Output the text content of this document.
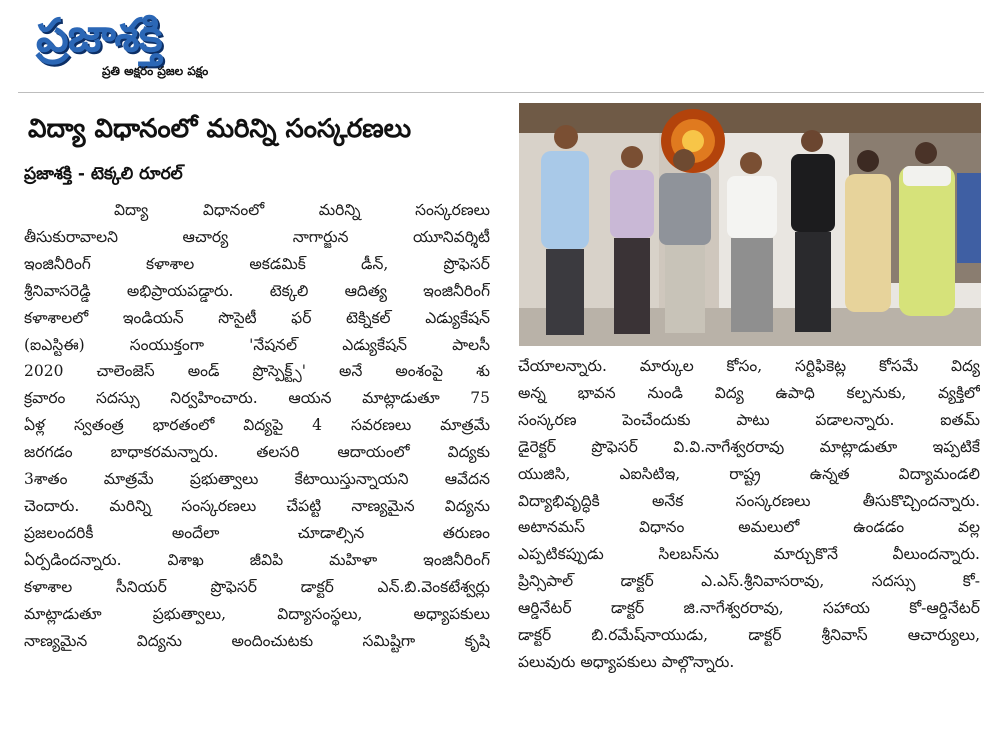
ప్రజాశక్తి
ప్రతి అక్షరం ప్రజల పక్షం
విద్యా విధానంలో మరిన్ని సంస్కరణలు
ప్రజాశక్తి - టెక్కలి రూరల్
విద్యా విధానంలో మరిన్ని సంస్కరణలు
తీసుకురావాలని ఆచార్య నాగార్జున యూనివర్శిటీ
ఇంజినీరింగ్ కళాశాల అకడమిక్ డీన్, ప్రొఫెసర్
శ్రీనివాసరెడ్డి అభిప్రాయపడ్డారు. టెక్కలి ఆదిత్య ఇంజినీరింగ్
కళాశాలలో ఇండియన్ సొసైటీ ఫర్ టెక్నికల్ ఎడ్యుకేషన్
(ఐఎస్టిఈ) సంయుక్తంగా 'నేషనల్ ఎడ్యుకేషన్ పాలసీ
2020 చాలెంజెస్ అండ్ ప్రొస్పెక్ట్స్' అనే అంశంపై శు
క్రవారం సదస్సు నిర్వహించారు. ఆయన మాట్లాడుతూ 75
ఏళ్ల స్వతంత్ర భారతంలో విద్యపై 4 సవరణలు మాత్రమే
జరగడం బాధాకరమన్నారు. తలసరి ఆదాయంలో విద్యకు
3శాతం మాత్రమే ప్రభుత్వాలు కేటాయిస్తున్నాయని ఆవేదన
చెందారు. మరిన్ని సంస్కరణలు చేపట్టి నాణ్యమైన విద్యను
ప్రజలందరికీ అందేలా చూడాల్సిన తరుణం
ఏర్పడిందన్నారు. విశాఖ జీవిపి మహిళా ఇంజినీరింగ్
కళాశాల సీనియర్ ప్రొఫెసర్ డాక్టర్ ఎన్.బి.వెంకటేశ్వర్లు
మాట్లాడుతూ ప్రభుత్వాలు, విద్యాసంస్థలు, అధ్యాపకులు
నాణ్యమైన విద్యను అందించుటకు సమిష్టిగా కృషి
చేయాలన్నారు. మార్కుల కోసం, సర్టిఫికెట్ల కోసమే విద్య
అన్న భావన నుండి విద్య ఉపాధి కల్పనుకు, వ్యక్తిలో
సంస్కరణ పెంచేందుకు పాటు పడాలన్నారు. ఐతమ్
డైరెక్టర్ ప్రొఫెసర్ వి.వి.నాగేశ్వరరావు మాట్లాడుతూ ఇప్పటికే
యుజిసి, ఎఐసిటిఇ, రాష్ట్ర ఉన్నత విద్యామండలి
విద్యాభివృద్ధికి అనేక సంస్కరణలు తీసుకొచ్చిందన్నారు.
అటానమస్ విధానం అమలులో ఉండడం వల్ల
ఎప్పటికప్పుడు సిలబస్‌ను మార్చుకొనే వీలుందన్నారు.
ప్రిన్సిపాల్ డాక్టర్ ఎ.ఎస్.శ్రీనివాసరావు, సదస్సు కో-
ఆర్డినేటర్ డాక్టర్ జి.నాగేశ్వరరావు, సహాయ కో-ఆర్డినేటర్
డాక్టర్ బి.రమేష్‌నాయుడు, డాక్టర్ శ్రీనివాస్ ఆచార్యులు,
పలువురు అధ్యాపకులు పాల్గొన్నారు.
